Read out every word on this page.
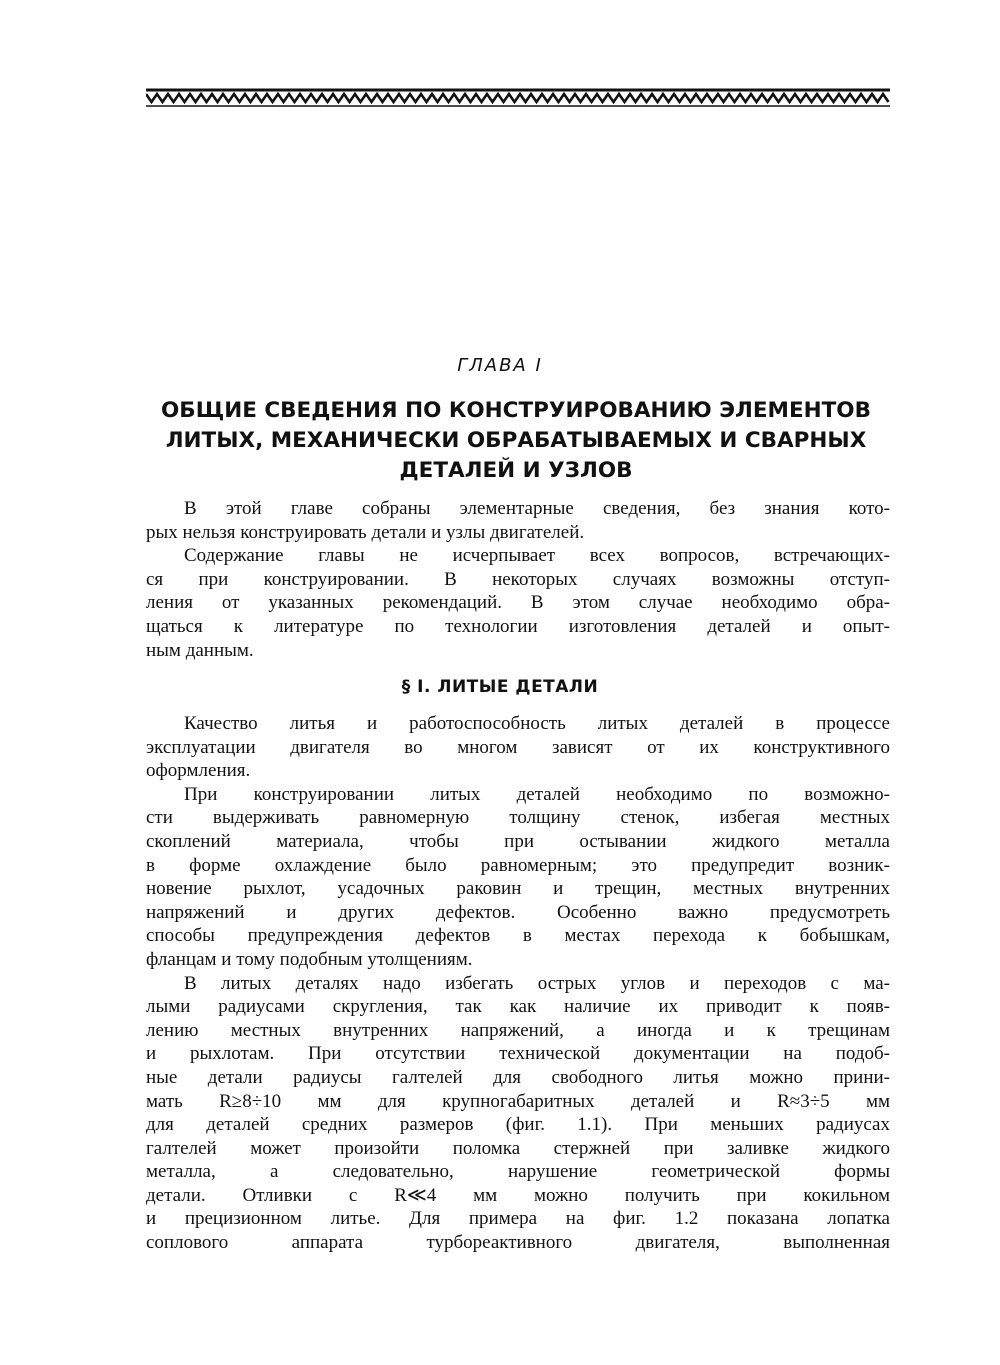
ГЛАВА I
ОБЩИЕ СВЕДЕНИЯ ПО КОНСТРУИРОВАНИЮ ЭЛЕМЕНТОВ
ЛИТЫХ, МЕХАНИЧЕСКИ ОБРАБАТЫВАЕМЫХ И СВАРНЫХ
ДЕТАЛЕЙ И УЗЛОВ

В этой главе собраны элементарные сведения, без знания кото-
рых нельзя конструировать детали и узлы двигателей.

Содержание главы не исчерпывает всех вопросов, встречающих-
ся при конструировании. В некоторых случаях возможны отступ-
ления от указанных рекомендаций. В этом случае необходимо обра-
щаться к литературе по технологии изготовления деталей и опыт-
ным данным.

§ I. ЛИТЫЕ ДЕТАЛИ

Качество литья и работоспособность литых деталей в процессе
эксплуатации двигателя во многом зависят от их конструктивного
оформления.

При конструировании литых деталей необходимо по возможно-
сти выдерживать равномерную толщину стенок, избегая местных
скоплений материала, чтобы при остывании жидкого металла
в форме охлаждение было равномерным; это предупредит возник-
новение рыхлот, усадочных раковин и трещин, местных внутренних
напряжений и других дефектов. Особенно важно предусмотреть
способы предупреждения дефектов в местах перехода к бобышкам,
фланцам и тому подобным утолщениям.

В литых деталях надо избегать острых углов и переходов с ма-
лыми радиусами скругления, так как наличие их приводит к появ-
лению местных внутренних напряжений, а иногда и к трещинам
и рыхлотам. При отсутствии технической документации на подоб-
ные детали радиусы галтелей для свободного литья можно прини-
мать R≥8÷10 мм для крупногабаритных деталей и R≈3÷5 мм
для деталей средних размеров (фиг. 1.1). При меньших радиусах
галтелей может произойти поломка стержней при заливке жидкого
металла, а следовательно, нарушение геометрической формы
детали. Отливки с R≪4 мм можно получить при кокильном
и прецизионном литье. Для примера на фиг. 1.2 показана лопатка
соплового аппарата турбореактивного двигателя, выполненная
